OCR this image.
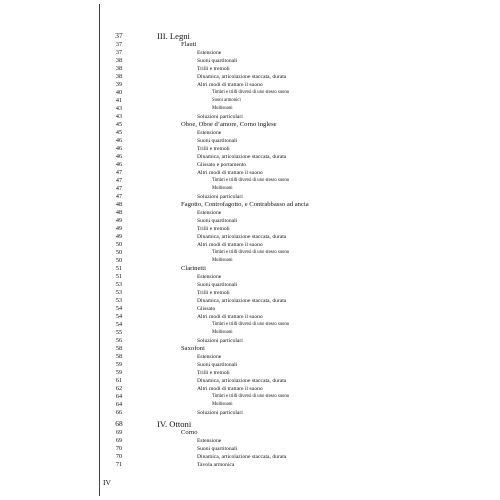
37	III. Legni
37	Flauti
37	Estensione
38	Suoni quartitonali
38	Trilli e tremoli
38	Dinamica, articolazione staccata, durata
39	Altri modi di trattare il suono
40	Timbri e trilli diversi di uno stesso suono
41	Suoni armonici
43	Multisuoni
43	Soluzioni particolari
45	Oboe, Oboe d’amore, Corno inglese
45	Estensione
46	Suoni quartitonali
46	Trilli e tremoli
46	Dinamica, articolazione staccata, durata
46	Glissato e portamento
47	Altri modi di trattare il suono
47	Timbri e trilli diversi di uno stesso suono
47	Multisuoni
47	Soluzioni particolari
48	Fagotto, Controfagotto, e Contrabbasso ad ancia
48	Estensione
49	Suoni quartitonali
49	Trilli e tremoli
49	Dinamica, articolazione staccata, durata
50	Altri modi di trattare il suono
50	Timbri e trilli diversi di uno stesso suono
50	Multisuoni
51	Clarinetti
51	Estensione
53	Suoni quartitonali
53	Trilli e tremoli
53	Dinamica, articolazione staccata, durata
54	Glissato
54	Altri modi di trattare il suono
54	Timbri e trilli diversi di uno stesso suono
55	Multisuoni
56	Soluzioni particolari
58	Saxofoni
58	Estensione
59	Suoni quartitonali
59	Trilli e tremoli
61	Dinamica, articolazione staccata, durata
62	Altri modi di trattare il suono
64	Timbri e trilli diversi di uno stesso suono
64	Multisuoni
66	Soluzioni particolari
68	IV. Ottoni
69	Corno
69	Estensione
70	Suoni quartitonali
70	Dinamica, articolazione staccata, durata
71	Tavola armonica
IV
